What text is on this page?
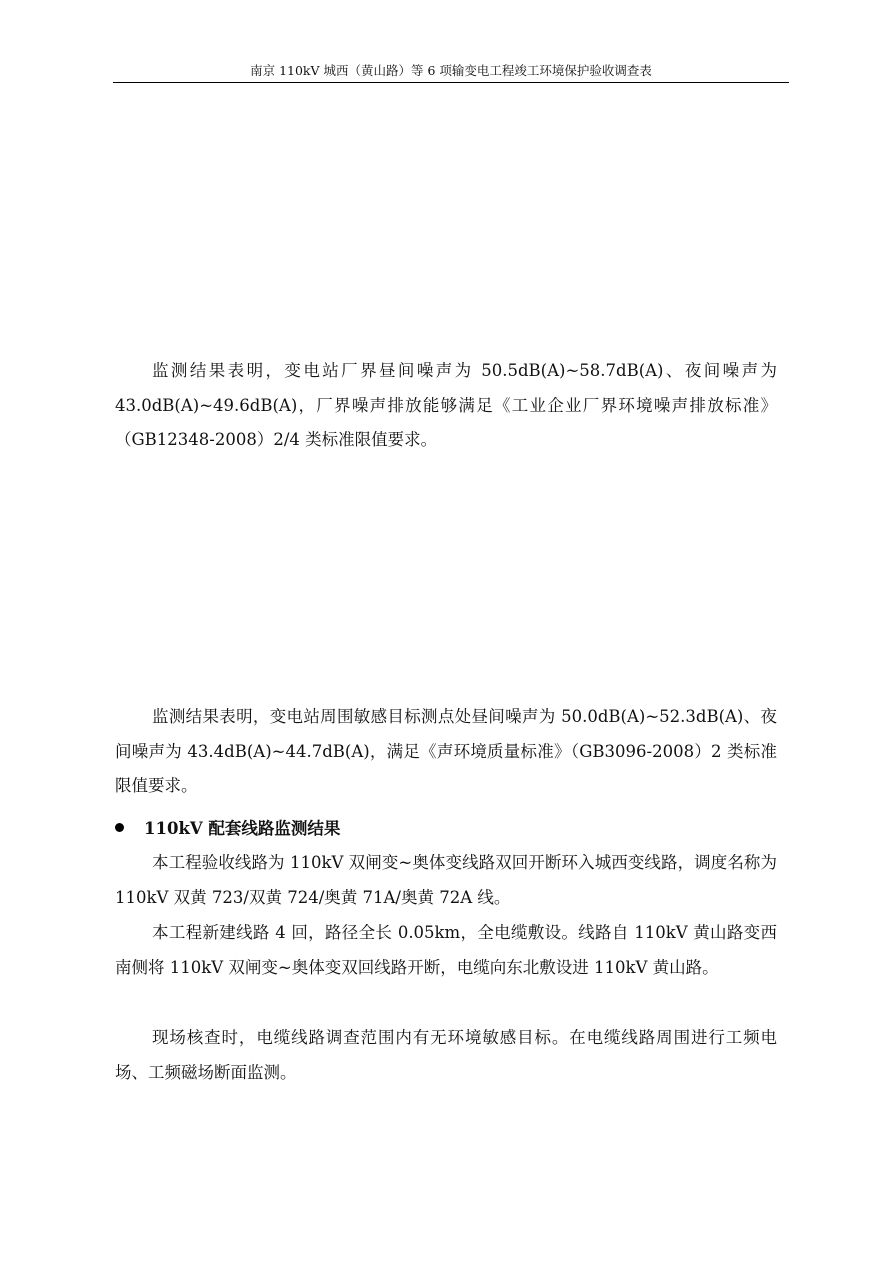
南京 110kV 城西（黄山路）等 6 项输变电工程竣工环境保护验收调查表

监测结果表明，变电站厂界昼间噪声为 50.5dB(A)~58.7dB(A)、夜间噪声为 43.0dB(A)~49.6dB(A)，厂界噪声排放能够满足《工业企业厂界环境噪声排放标准》（GB12348-2008）2/4 类标准限值要求。

监测结果表明，变电站周围敏感目标测点处昼间噪声为 50.0dB(A)~52.3dB(A)、夜间噪声为 43.4dB(A)~44.7dB(A)，满足《声环境质量标准》（GB3096-2008）2 类标准限值要求。

110kV 配套线路监测结果

本工程验收线路为 110kV 双闸变~奥体变线路双回开断环入城西变线路，调度名称为 110kV 双黄 723/双黄 724/奥黄 71A/奥黄 72A 线。

本工程新建线路 4 回，路径全长 0.05km，全电缆敷设。线路自 110kV 黄山路变西南侧将 110kV 双闸变~奥体变双回线路开断，电缆向东北敷设进 110kV 黄山路。

现场核查时，电缆线路调查范围内有无环境敏感目标。在电缆线路周围进行工频电场、工频磁场断面监测。
